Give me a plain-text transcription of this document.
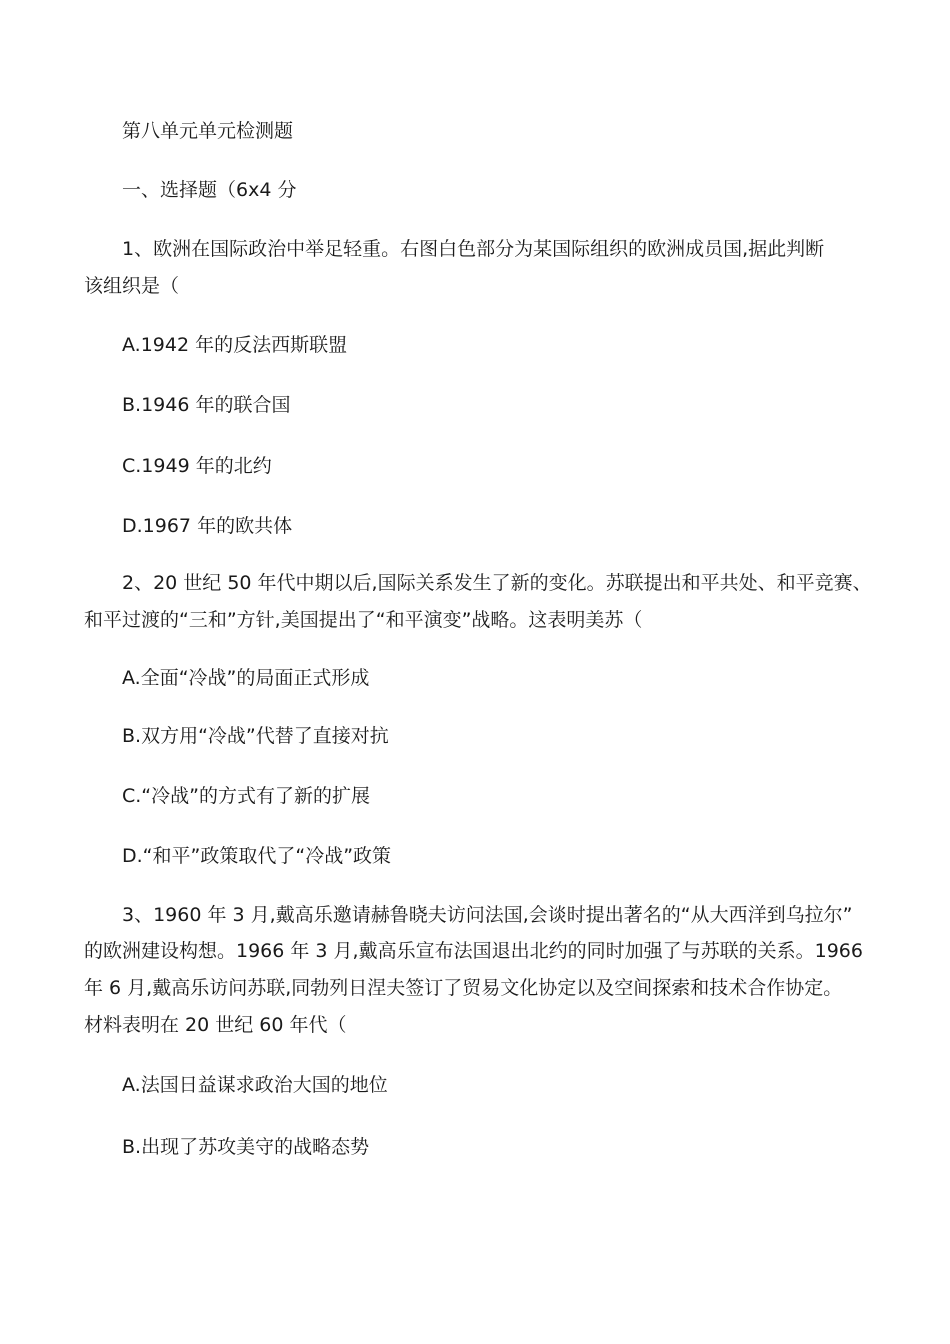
第八单元单元检测题
一、选择题（6x4 分
1、欧洲在国际政治中举足轻重。右图白色部分为某国际组织的欧洲成员国,据此判断
该组织是（
A.1942 年的反法西斯联盟
B.1946 年的联合国
C.1949 年的北约
D.1967 年的欧共体
2、20 世纪 50 年代中期以后,国际关系发生了新的变化。苏联提出和平共处、和平竞赛、
和平过渡的“三和”方针,美国提出了“和平演变”战略。这表明美苏（
A.全面“冷战”的局面正式形成
B.双方用“冷战”代替了直接对抗
C.“冷战”的方式有了新的扩展
D.“和平”政策取代了“冷战”政策
3、1960 年 3 月,戴高乐邀请赫鲁晓夫访问法国,会谈时提出著名的“从大西洋到乌拉尔”
的欧洲建设构想。1966 年 3 月,戴高乐宣布法国退出北约的同时加强了与苏联的关系。1966
年 6 月,戴高乐访问苏联,同勃列日涅夫签订了贸易文化协定以及空间探索和技术合作协定。
材料表明在 20 世纪 60 年代（
A.法国日益谋求政治大国的地位
B.出现了苏攻美守的战略态势
